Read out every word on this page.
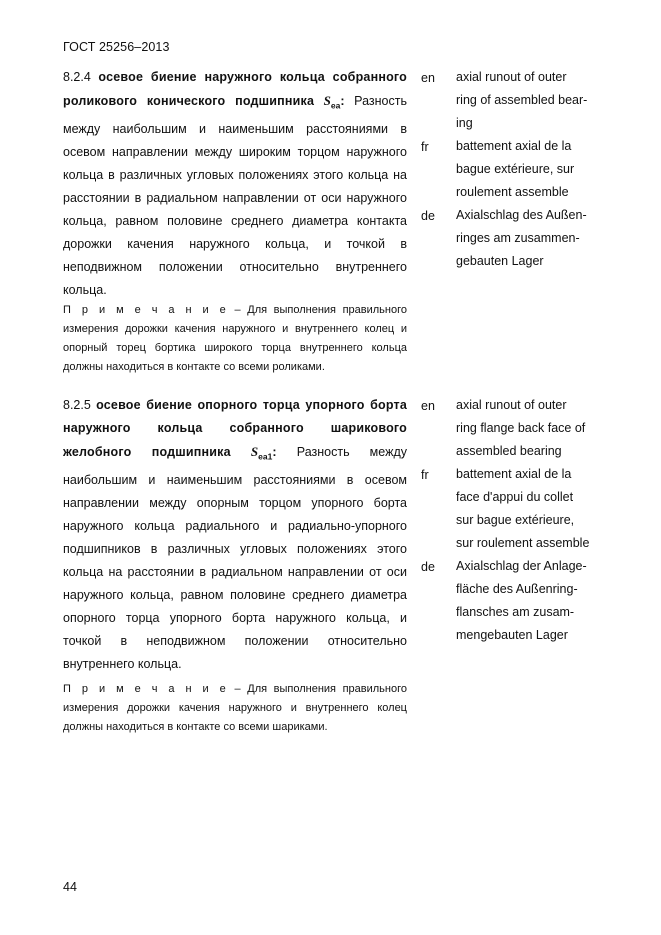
ГОСТ 25256–2013
8.2.4 осевое биение наружного кольца собранного роликового конического подшипника $S_{ea}$: Разность между наибольшим и наименьшим расстояниями в осевом направлении между широким торцом наружного кольца в различных угловых положениях этого кольца на расстоянии в радиальном направлении от оси наружного кольца, равном половине среднего диаметра контакта дорожки качения наружного кольца, и точкой в неподвижном положении относительно внутреннего кольца.
П р и м е ч а н и е – Для выполнения правильного измерения дорожки качения наружного и внутреннего колец и опорный торец бортика широкого торца внутреннего кольца должны находиться в контакте со всеми роликами.
en axial runout of outer
ring of assembled bear-
ing
fr battement axial de la
bague extérieure, sur
roulement assemble
de Axialschlag des Außen-
ringes am zusammen-
gebauten Lager
8.2.5 осевое биение опорного торца упорного борта наружного кольца собранного шарикового желобного подшипника $S_{ea1}$: Разность между наибольшим и наименьшим расстояниями в осевом направлении между опорным торцом упорного борта наружного кольца радиального и радиально-упорного подшипников в различных угловых положениях этого кольца на расстоянии в радиальном направлении от оси наружного кольца, равном половине среднего диаметра опорного торца упорного борта наружного кольца, и точкой в неподвижном положении относительно внутреннего кольца.
П р и м е ч а н и е – Для выполнения правильного измерения дорожки качения наружного и внутреннего колец должны находиться в контакте со всеми шариками.
en axial runout of outer
ring flange back face of
assembled bearing
fr battement axial de la
face d'appui du collet
sur bague extérieure,
sur roulement assemble
de Axialschlag der Anlage-
fläche des Außenring-
flansches am zusam-
mengebauten Lager
44
